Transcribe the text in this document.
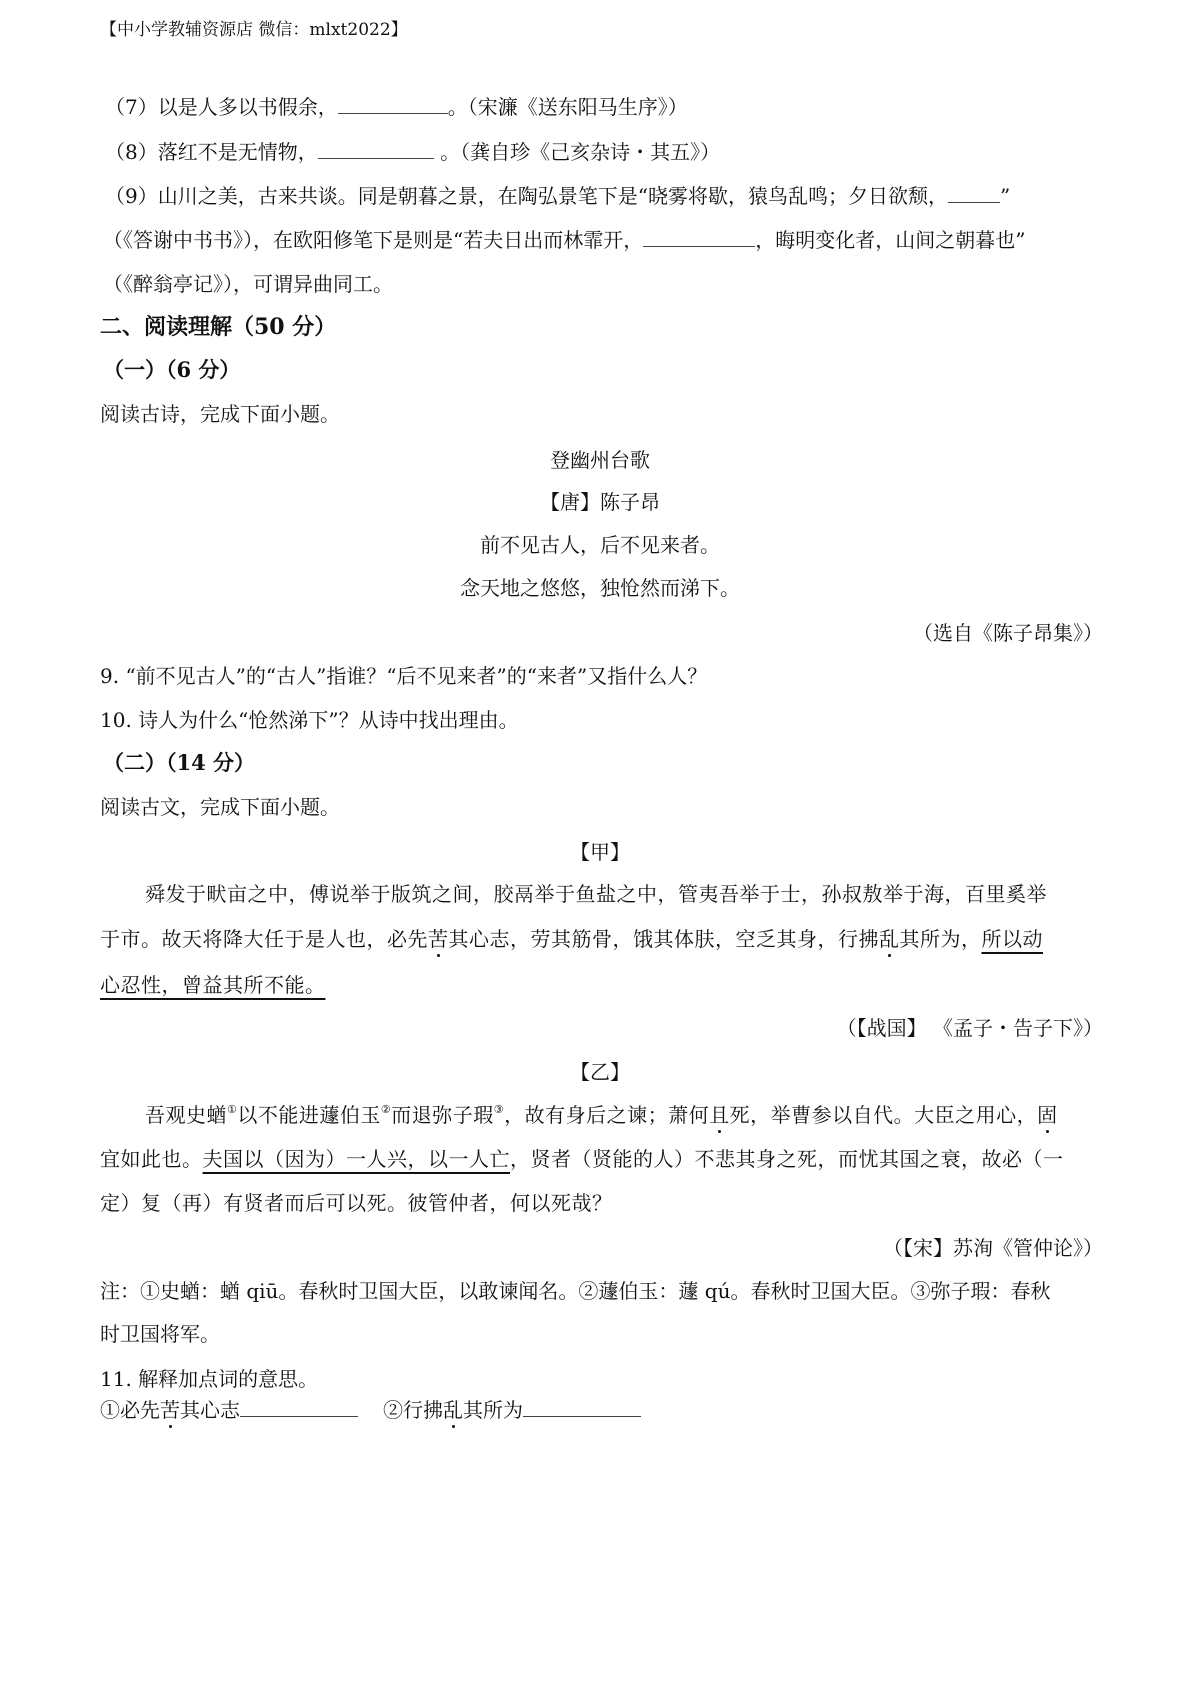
【中小学教辅资源店 微信：mlxt2022】
（7）以是人多以书假余，	。（宋濂《送东阳马生序》）
（8）落红不是无情物，	。（龚自珍《己亥杂诗・其五》）
（9）山川之美，古来共谈。同是朝暮之景，在陶弘景笔下是“晓雾将歇，猿鸟乱鸣；夕日欲颓，	”
（《答谢中书书》），在欧阳修笔下是则是“若夫日出而林霏开，	，晦明变化者，山间之朝暮也”
（《醉翁亭记》），可谓异曲同工。
二、阅读理解（50 分）
（一）（6 分）
阅读古诗，完成下面小题。
登幽州台歌
【唐】陈子昂
前不见古人，后不见来者。
念天地之悠悠，独怆然而涕下。
（选自《陈子昂集》）
9. “前不见古人”的“古人”指谁？“后不见来者”的“来者”又指什么人？
10. 诗人为什么“怆然涕下”？从诗中找出理由。
（二）（14 分）
阅读古文，完成下面小题。
【甲】
舜发于畎亩之中，傅说举于版筑之间，胶鬲举于鱼盐之中，管夷吾举于士，孙叔敖举于海，百里奚举
于市。故天将降大任于是人也，必先苦其心志，劳其筋骨，饿其体肤，空乏其身，行拂乱其所为，所以动
心忍性，曾益其所不能。
（【战国】 《孟子・告子下》）
【乙】
吾观史蝤①以不能进蘧伯玉②而退弥子瑕③，故有身后之谏；萧何且死，举曹参以自代。大臣之用心，固
宜如此也。夫国以（因为）一人兴，以一人亡，贤者（贤能的人）不悲其身之死，而忧其国之衰，故必（一
定）复（再）有贤者而后可以死。彼管仲者，何以死哉？
（【宋】苏洵《管仲论》）
注：①史蝤：蝤 qiū。春秋时卫国大臣，以敢谏闻名。②蘧伯玉：蘧 qú。春秋时卫国大臣。③弥子瑕：春秋
时卫国将军。
11. 解释加点词的意思。
①必先苦其心志	②行拂乱其所为
